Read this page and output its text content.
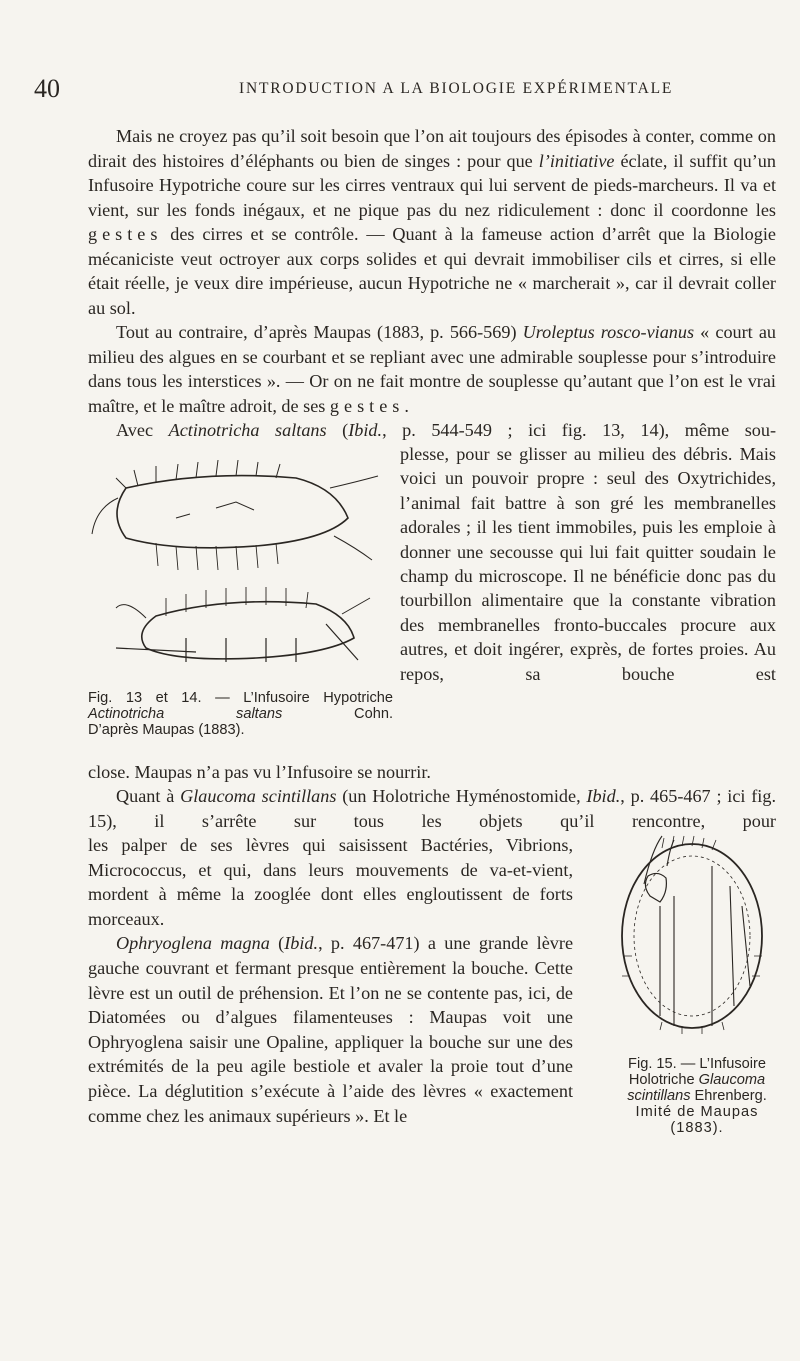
40	INTRODUCTION A LA BIOLOGIE EXPÉRIMENTALE

Mais ne croyez pas qu’il soit besoin que l’on ait toujours des épisodes à conter, comme on dirait des histoires d’éléphants ou bien de singes : pour que l’initiative éclate, il suffit qu’un Infusoire Hypotriche coure sur les cirres ventraux qui lui servent de pieds-marcheurs. Il va et vient, sur les fonds inégaux, et ne pique pas du nez ridiculement : donc il coordonne les gestes des cirres et se contrôle. — Quant à la fameuse action d’arrêt que la Biologie mécaniciste veut octroyer aux corps solides et qui devrait immobiliser cils et cirres, si elle était réelle, je veux dire impérieuse, aucun Hypotriche ne « marcherait », car il devrait coller au sol.

Tout au contraire, d’après Maupas (1883, p. 566-569) Uroleptus rosco-vianus « court au milieu des algues en se courbant et se repliant avec une admirable souplesse pour s’introduire dans tous les interstices ». — Or on ne fait montre de souplesse qu’autant que l’on est le vrai maître, et le maître adroit, de ses gestes.

Avec Actinotricha saltans (Ibid., p. 544-549 ; ici fig. 13, 14), même sou-

plesse, pour se glisser au milieu des débris. Mais voici un pouvoir propre : seul des Oxytrichides, l’animal fait battre à son gré les membranelles adorales ; il les tient immobiles, puis les emploie à donner une secousse qui lui fait quitter soudain le champ du microscope. Il ne bénéficie donc pas du tourbillon alimentaire que la constante vibration des membranelles fronto-buccales procure aux autres, et doit ingérer, exprès, de fortes proies. Au repos, sa bouche est

Fig. 13 et 14. — L’Infusoire Hypotriche Actinotricha saltans Cohn.

D’après Maupas (1883).

close. Maupas n’a pas vu l’Infusoire se nourrir.

Quant à Glaucoma scintillans (un Holotriche Hyménostomide, Ibid., p. 465-467 ; ici fig. 15), il s’arrête sur tous les objets qu’il rencontre, pour

les palper de ses lèvres qui saisissent Bactéries, Vibrions, Micrococcus, et qui, dans leurs mouvements de va-et-vient, mordent à même la zooglée dont elles engloutissent de forts morceaux.

Ophryoglena magna (Ibid., p. 467-471) a une grande lèvre gauche couvrant et fermant presque entièrement la bouche. Cette lèvre est un outil de préhension. Et l’on ne se contente pas, ici, de Diatomées ou d’algues filamenteuses : Maupas voit une Ophryoglena saisir une Opaline, appliquer la bouche sur une des extrémités de la peu agile bestiole et avaler la proie tout d’une pièce. La déglutition s’exécute à l’aide des lèvres « exactement comme chez les animaux supérieurs ». Et le

Fig. 15. — L’Infusoire Holotriche Glaucoma scintillans Ehrenberg.

Imité de Maupas (1883).
